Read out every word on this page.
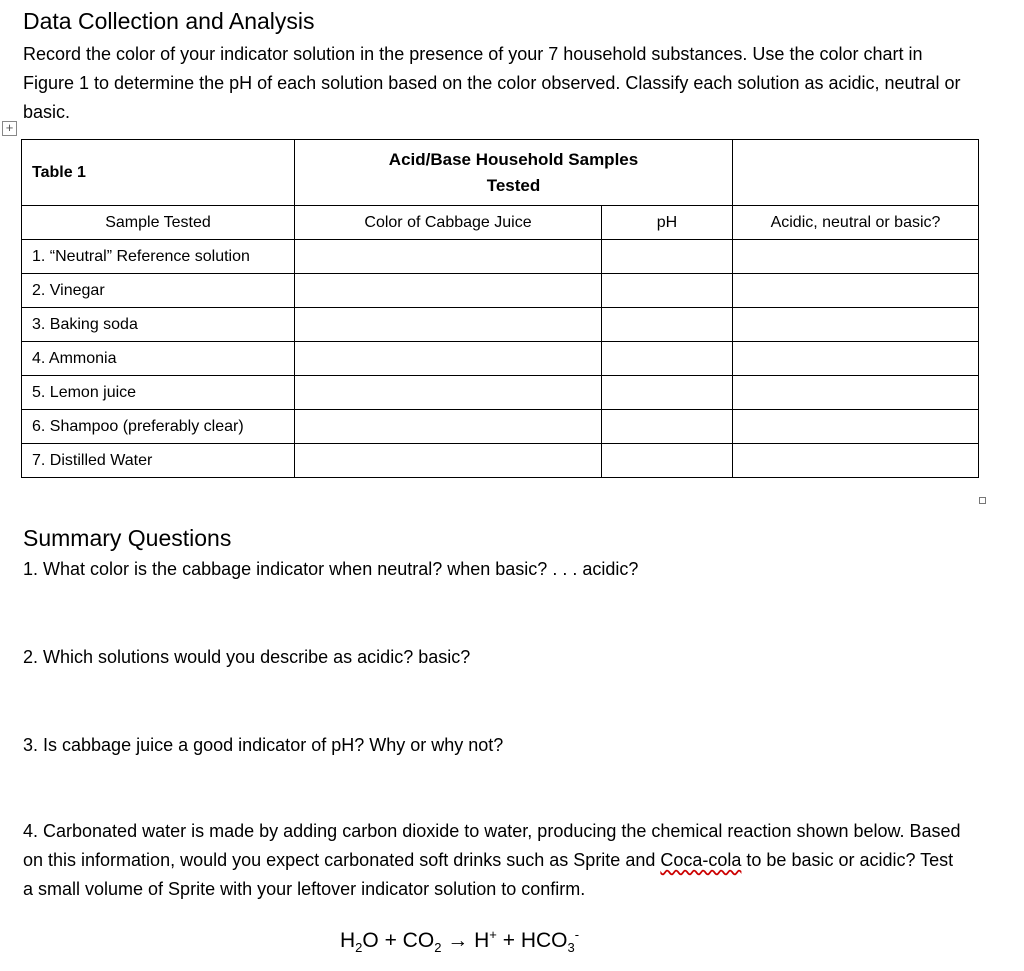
Data Collection and Analysis
Record the color of your indicator solution in the presence of your 7 household substances. Use the color chart in Figure 1 to determine the pH of each solution based on the color observed. Classify each solution as acidic, neutral or basic.
+
Table 1	Acid/Base Household Samples
Tested		

Sample Tested	Color of Cabbage Juice	pH	Acidic, neutral or basic?
1. “Neutral” Reference solution			
2. Vinegar			
3. Baking soda			
4. Ammonia			
5. Lemon juice			
6. Shampoo (preferably clear)			
7. Distilled Water			
Summary Questions
1. What color is the cabbage indicator when neutral? when basic? . . . acidic?
2. Which solutions would you describe as acidic? basic?
3. Is cabbage juice a good indicator of pH? Why or why not?
4. Carbonated water is made by adding carbon dioxide to water, producing the chemical reaction shown below. Based on this information, would you expect carbonated soft drinks such as Sprite and Coca-cola to be basic or acidic? Test a small volume of Sprite with your leftover indicator solution to confirm.
$H_2O + CO_2 \to H^+ + HCO_3^-$
